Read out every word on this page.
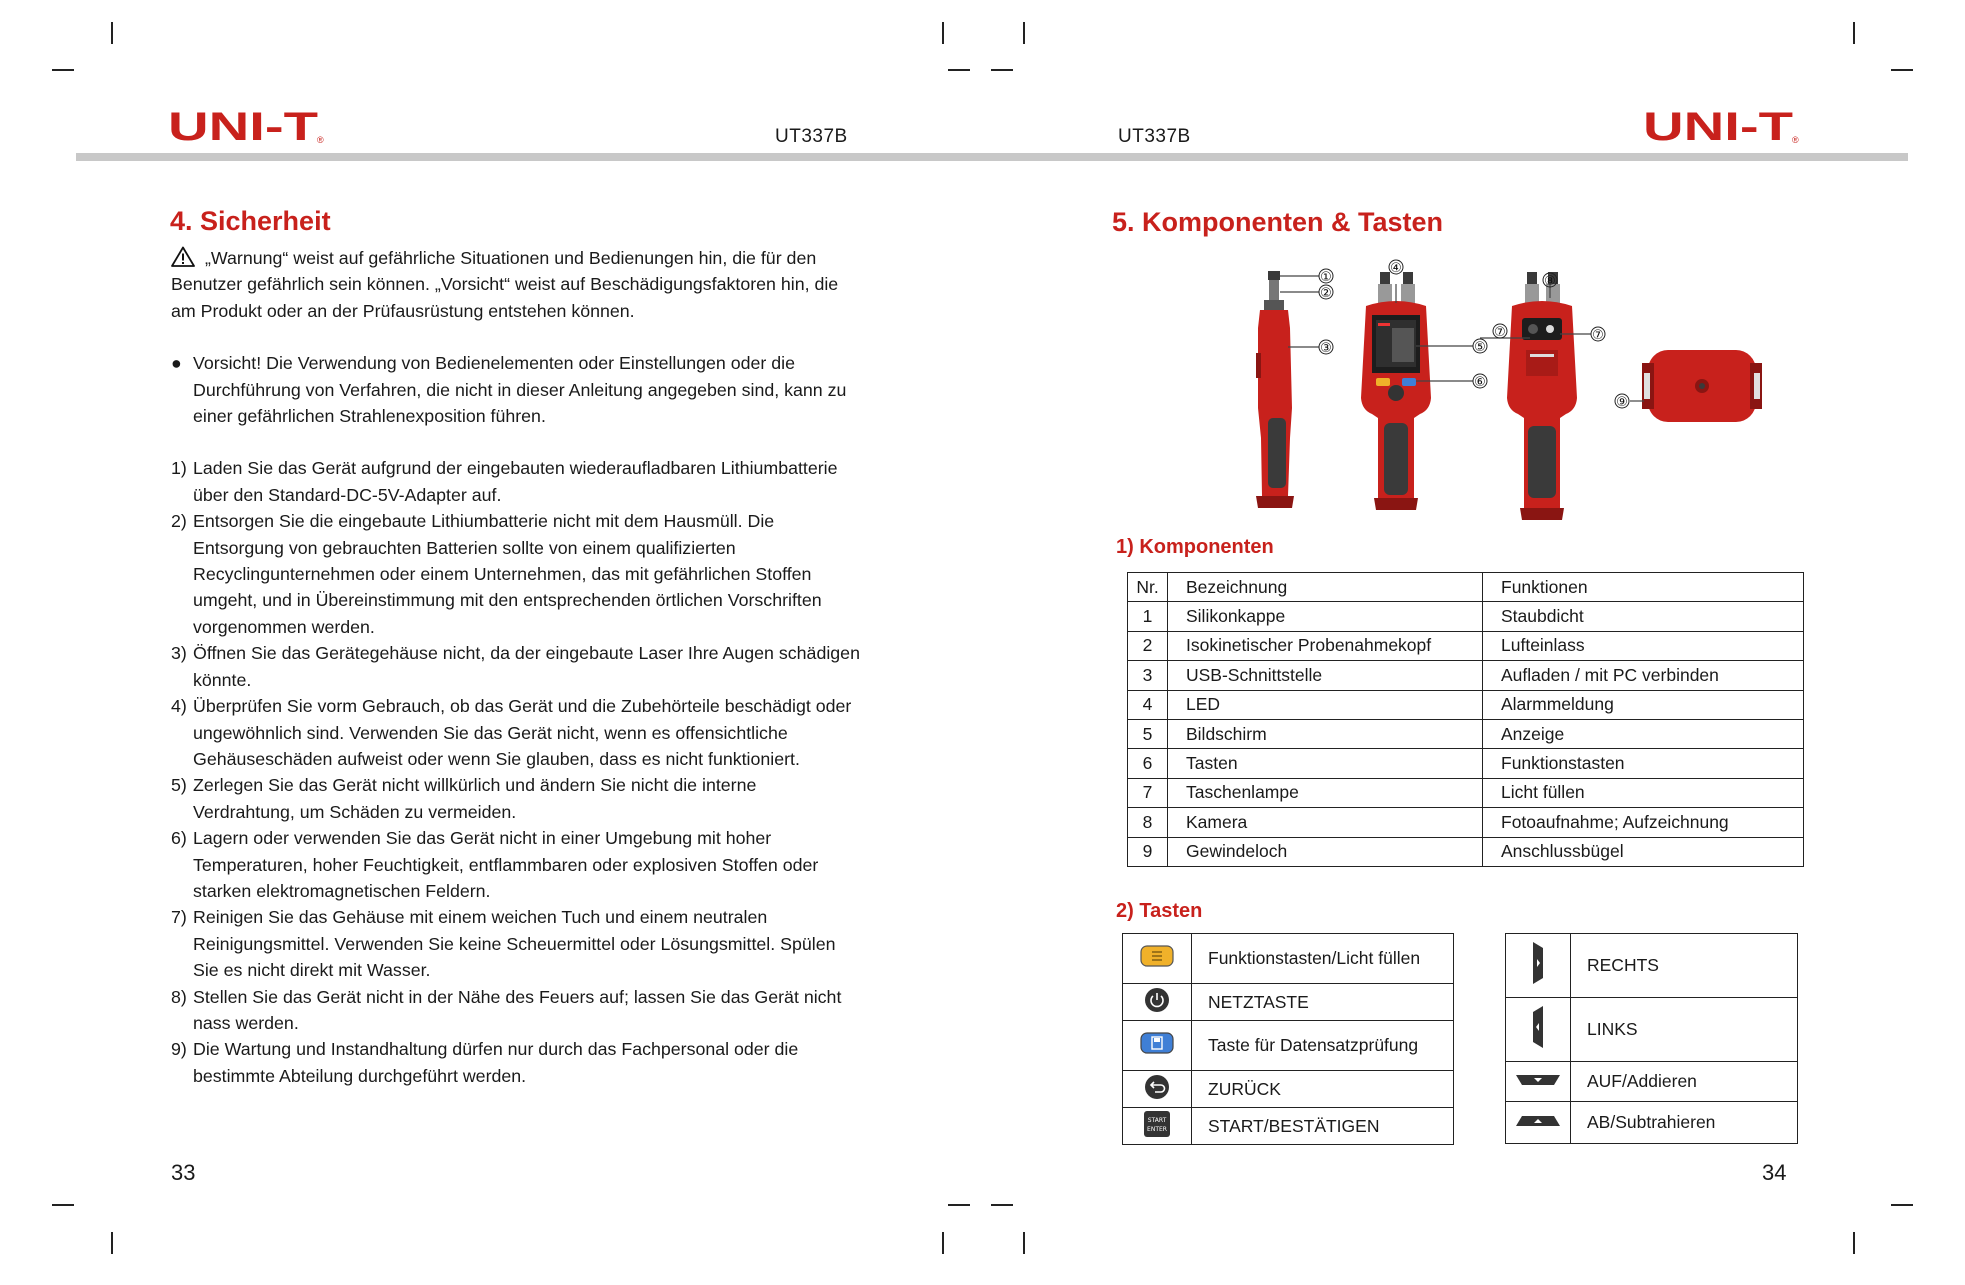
UNI-T ®	UT337B	UT337B	UNI-T ®
4. Sicherheit

„Warnung“ weist auf gefährliche Situationen und Bedienungen hin, die für den Benutzer gefährlich sein können. „Vorsicht“ weist auf Beschädigungsfaktoren hin, die am Produkt oder an der Prüfausrüstung entstehen können.

● Vorsicht! Die Verwendung von Bedienelementen oder Einstellungen oder die Durchführung von Verfahren, die nicht in dieser Anleitung angegeben sind, kann zu einer gefährlichen Strahlenexposition führen.
1) Laden Sie das Gerät aufgrund der eingebauten wiederaufladbaren Lithiumbatterie über den Standard-DC-5V-Adapter auf.
2) Entsorgen Sie die eingebaute Lithiumbatterie nicht mit dem Hausmüll. Die Entsorgung von gebrauchten Batterien sollte von einem qualifizierten Recyclingunternehmen oder einem Unternehmen, das mit gefährlichen Stoffen umgeht, und in Übereinstimmung mit den entsprechenden örtlichen Vorschriften vorgenommen werden.
3) Öffnen Sie das Gerätegehäuse nicht, da der eingebaute Laser Ihre Augen schädigen könnte.
4) Überprüfen Sie vorm Gebrauch, ob das Gerät und die Zubehörteile beschädigt oder ungewöhnlich sind. Verwenden Sie das Gerät nicht, wenn es offensichtliche Gehäuseschäden aufweist oder wenn Sie glauben, dass es nicht funktioniert.
5) Zerlegen Sie das Gerät nicht willkürlich und ändern Sie nicht die interne Verdrahtung, um Schäden zu vermeiden.
6) Lagern oder verwenden Sie das Gerät nicht in einer Umgebung mit hoher Temperaturen, hoher Feuchtigkeit, entflammbaren oder explosiven Stoffen oder starken elektromagnetischen Feldern.
7) Reinigen Sie das Gehäuse mit einem weichen Tuch und einem neutralen Reinigungsmittel. Verwenden Sie keine Scheuermittel oder Lösungsmittel. Spülen Sie es nicht direkt mit Wasser.
8) Stellen Sie das Gerät nicht in der Nähe des Feuers auf; lassen Sie das Gerät nicht nass werden.
9) Die Wartung und Instandhaltung dürfen nur durch das Fachpersonal oder die bestimmte Abteilung durchgeführt werden.
33
5. Komponenten & Tasten
①
②
③
④
⑤
⑥
⑦	⑦
⑧
⑨
1) Komponenten
Nr.	Bezeichnung	Funktionen
1	Silikonkappe	Staubdicht
2	Isokinetischer Probenahmekopf	Lufteinlass
3	USB-Schnittstelle	Aufladen / mit PC verbinden
4	LED	Alarmmeldung
5	Bildschirm	Anzeige
6	Tasten	Funktionstasten
7	Taschenlampe	Licht füllen
8	Kamera	Fotoaufnahme; Aufzeichnung
9	Gewindeloch	Anschlussbügel
2) Tasten
	Funktionstasten/Licht füllen
	NETZTASTE
	Taste für Datensatzprüfung
	ZURÜCK

START
ENTER	START/BESTÄTIGEN
	RECHTS
	LINKS
	AUF/Addieren
	AB/Subtrahieren
34
